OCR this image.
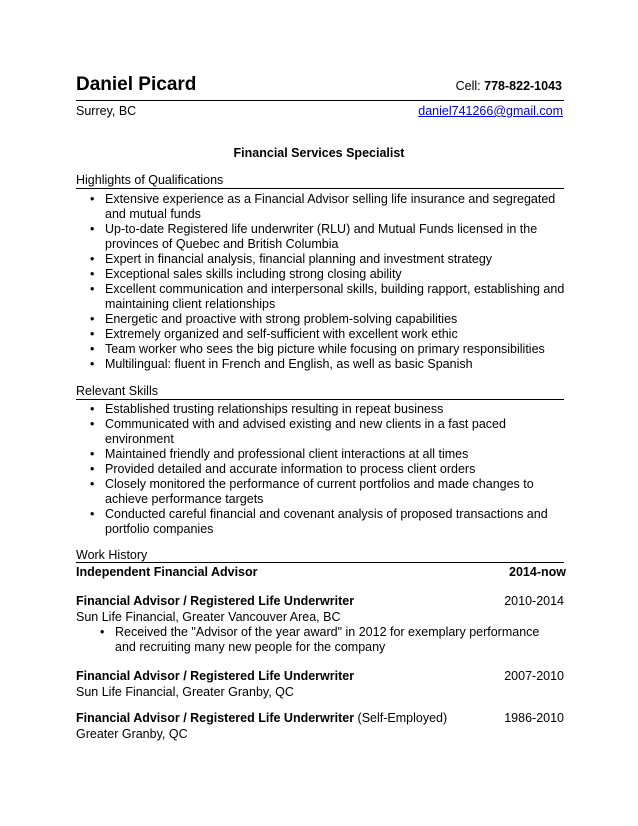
Daniel Picard	Cell: 778-822-1043
Surrey, BC	daniel741266@gmail.com
Financial Services Specialist
Highlights of Qualifications
• Extensive experience as a Financial Advisor selling life insurance and segregated and mutual funds
• Up-to-date Registered life underwriter (RLU) and Mutual Funds licensed in the provinces of Quebec and British Columbia
• Expert in financial analysis, financial planning and investment strategy
• Exceptional sales skills including strong closing ability
• Excellent communication and interpersonal skills, building rapport, establishing and maintaining client relationships
• Energetic and proactive with strong problem-solving capabilities
• Extremely organized and self-sufficient with excellent work ethic
• Team worker who sees the big picture while focusing on primary responsibilities
• Multilingual: fluent in French and English, as well as basic Spanish
Relevant Skills
• Established trusting relationships resulting in repeat business
• Communicated with and advised existing and new clients in a fast paced environment
• Maintained friendly and professional client interactions at all times
• Provided detailed and accurate information to process client orders
• Closely monitored the performance of current portfolios and made changes to achieve performance targets
• Conducted careful financial and covenant analysis of proposed transactions and portfolio companies
Work History
Independent Financial Advisor	2014-now
Financial Advisor / Registered Life Underwriter	2010-2014
Sun Life Financial, Greater Vancouver Area, BC
• Received the "Advisor of the year award" in 2012 for exemplary performance and recruiting many new people for the company
Financial Advisor / Registered Life Underwriter	2007-2010
Sun Life Financial, Greater Granby, QC
Financial Advisor / Registered Life Underwriter (Self-Employed)	1986-2010
Greater Granby, QC
